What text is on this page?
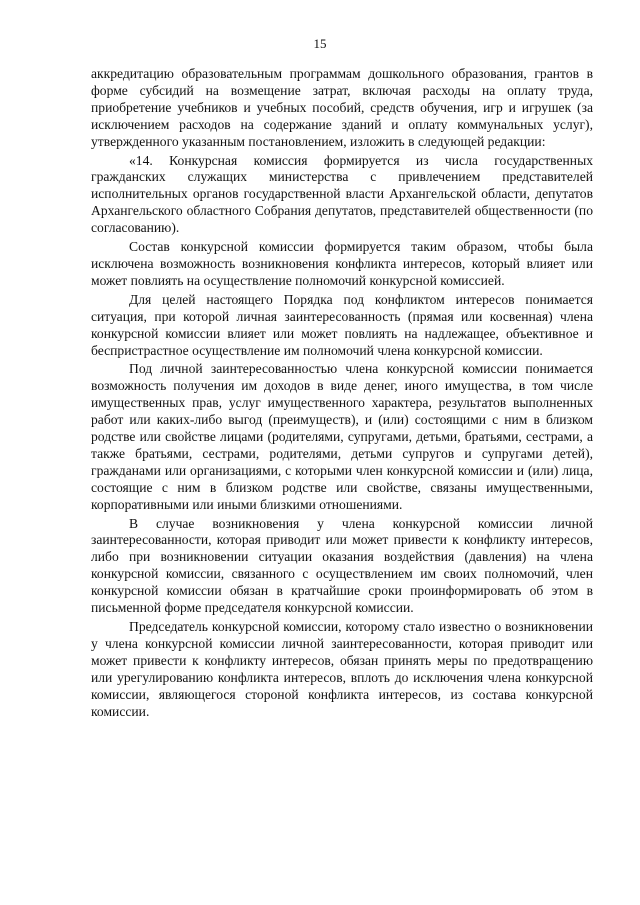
15

аккредитацию образовательным программам дошкольного образования, грантов в форме субсидий на возмещение затрат, включая расходы на оплату труда, приобретение учебников и учебных пособий, средств обучения, игр и игрушек (за исключением расходов на содержание зданий и оплату коммунальных услуг), утвержденного указанным постановлением, изложить в следующей редакции:

«14. Конкурсная комиссия формируется из числа государственных гражданских служащих министерства с привлечением представителей исполнительных органов государственной власти Архангельской области, депутатов Архангельского областного Собрания депутатов, представителей общественности (по согласованию).

Состав конкурсной комиссии формируется таким образом, чтобы была исключена возможность возникновения конфликта интересов, который влияет или может повлиять на осуществление полномочий конкурсной комиссией.

Для целей настоящего Порядка под конфликтом интересов понимается ситуация, при которой личная заинтересованность (прямая или косвенная) члена конкурсной комиссии влияет или может повлиять на надлежащее, объективное и беспристрастное осуществление им полномочий члена конкурсной комиссии.

Под личной заинтересованностью члена конкурсной комиссии понимается возможность получения им доходов в виде денег, иного имущества, в том числе имущественных прав, услуг имущественного характера, результатов выполненных работ или каких-либо выгод (преимуществ), и (или) состоящими с ним в близком родстве или свойстве лицами (родителями, супругами, детьми, братьями, сестрами, а также братьями, сестрами, родителями, детьми супругов и супругами детей), гражданами или организациями, с которыми член конкурсной комиссии и (или) лица, состоящие с ним в близком родстве или свойстве, связаны имущественными, корпоративными или иными близкими отношениями.

В случае возникновения у члена конкурсной комиссии личной заинтересованности, которая приводит или может привести к конфликту интересов, либо при возникновении ситуации оказания воздействия (давления) на члена конкурсной комиссии, связанного с осуществлением им своих полномочий, член конкурсной комиссии обязан в кратчайшие сроки проинформировать об этом в письменной форме председателя конкурсной комиссии.

Председатель конкурсной комиссии, которому стало известно о возникновении у члена конкурсной комиссии личной заинтересованности, которая приводит или может привести к конфликту интересов, обязан принять меры по предотвращению или урегулированию конфликта интересов, вплоть до исключения члена конкурсной комиссии, являющегося стороной конфликта интересов, из состава конкурсной комиссии.
